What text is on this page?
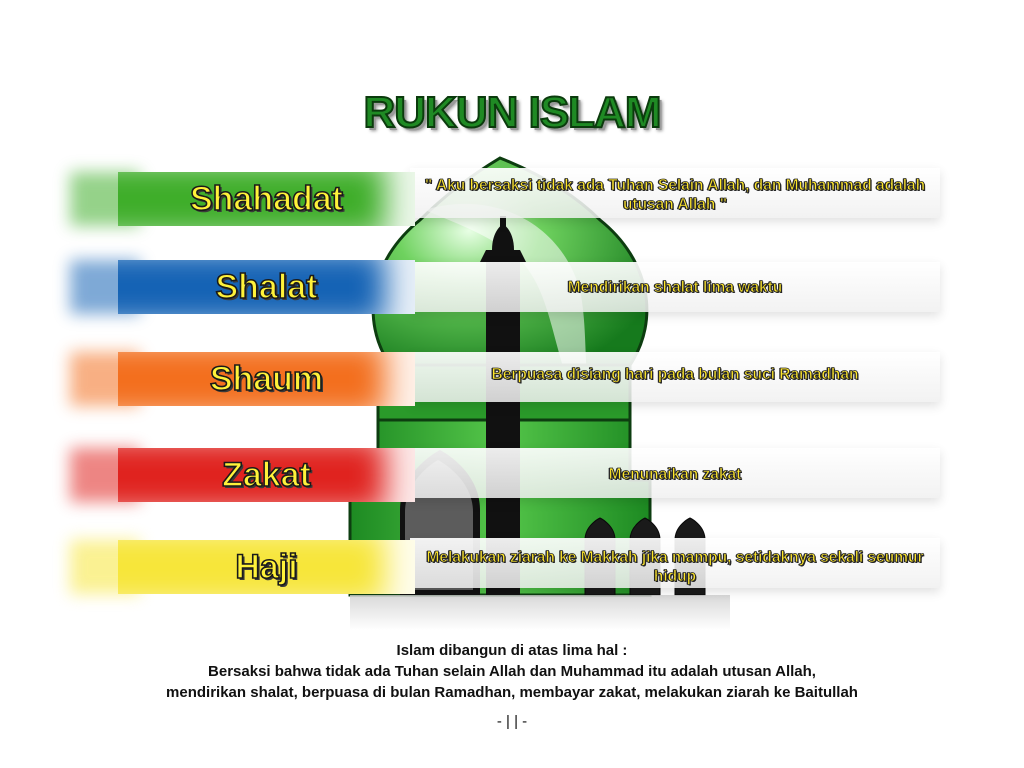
RUKUN ISLAM
Shahadat	" Aku bersaksi tidak ada Tuhan Selain Allah, dan Muhammad adalah utusan Allah "
Shalat	Mendirikan shalat lima waktu
Shaum	Berpuasa disiang hari pada bulan suci Ramadhan
Zakat	Menunaikan zakat
Haji	Melakukan ziarah ke Makkah jika mampu, setidaknya sekali seumur hidup
Islam dibangun di atas lima hal :
Bersaksi bahwa tidak ada Tuhan selain Allah dan Muhammad itu adalah utusan Allah,
mendirikan shalat, berpuasa di bulan Ramadhan, membayar zakat, melakukan ziarah ke Baitullah
- | | -
